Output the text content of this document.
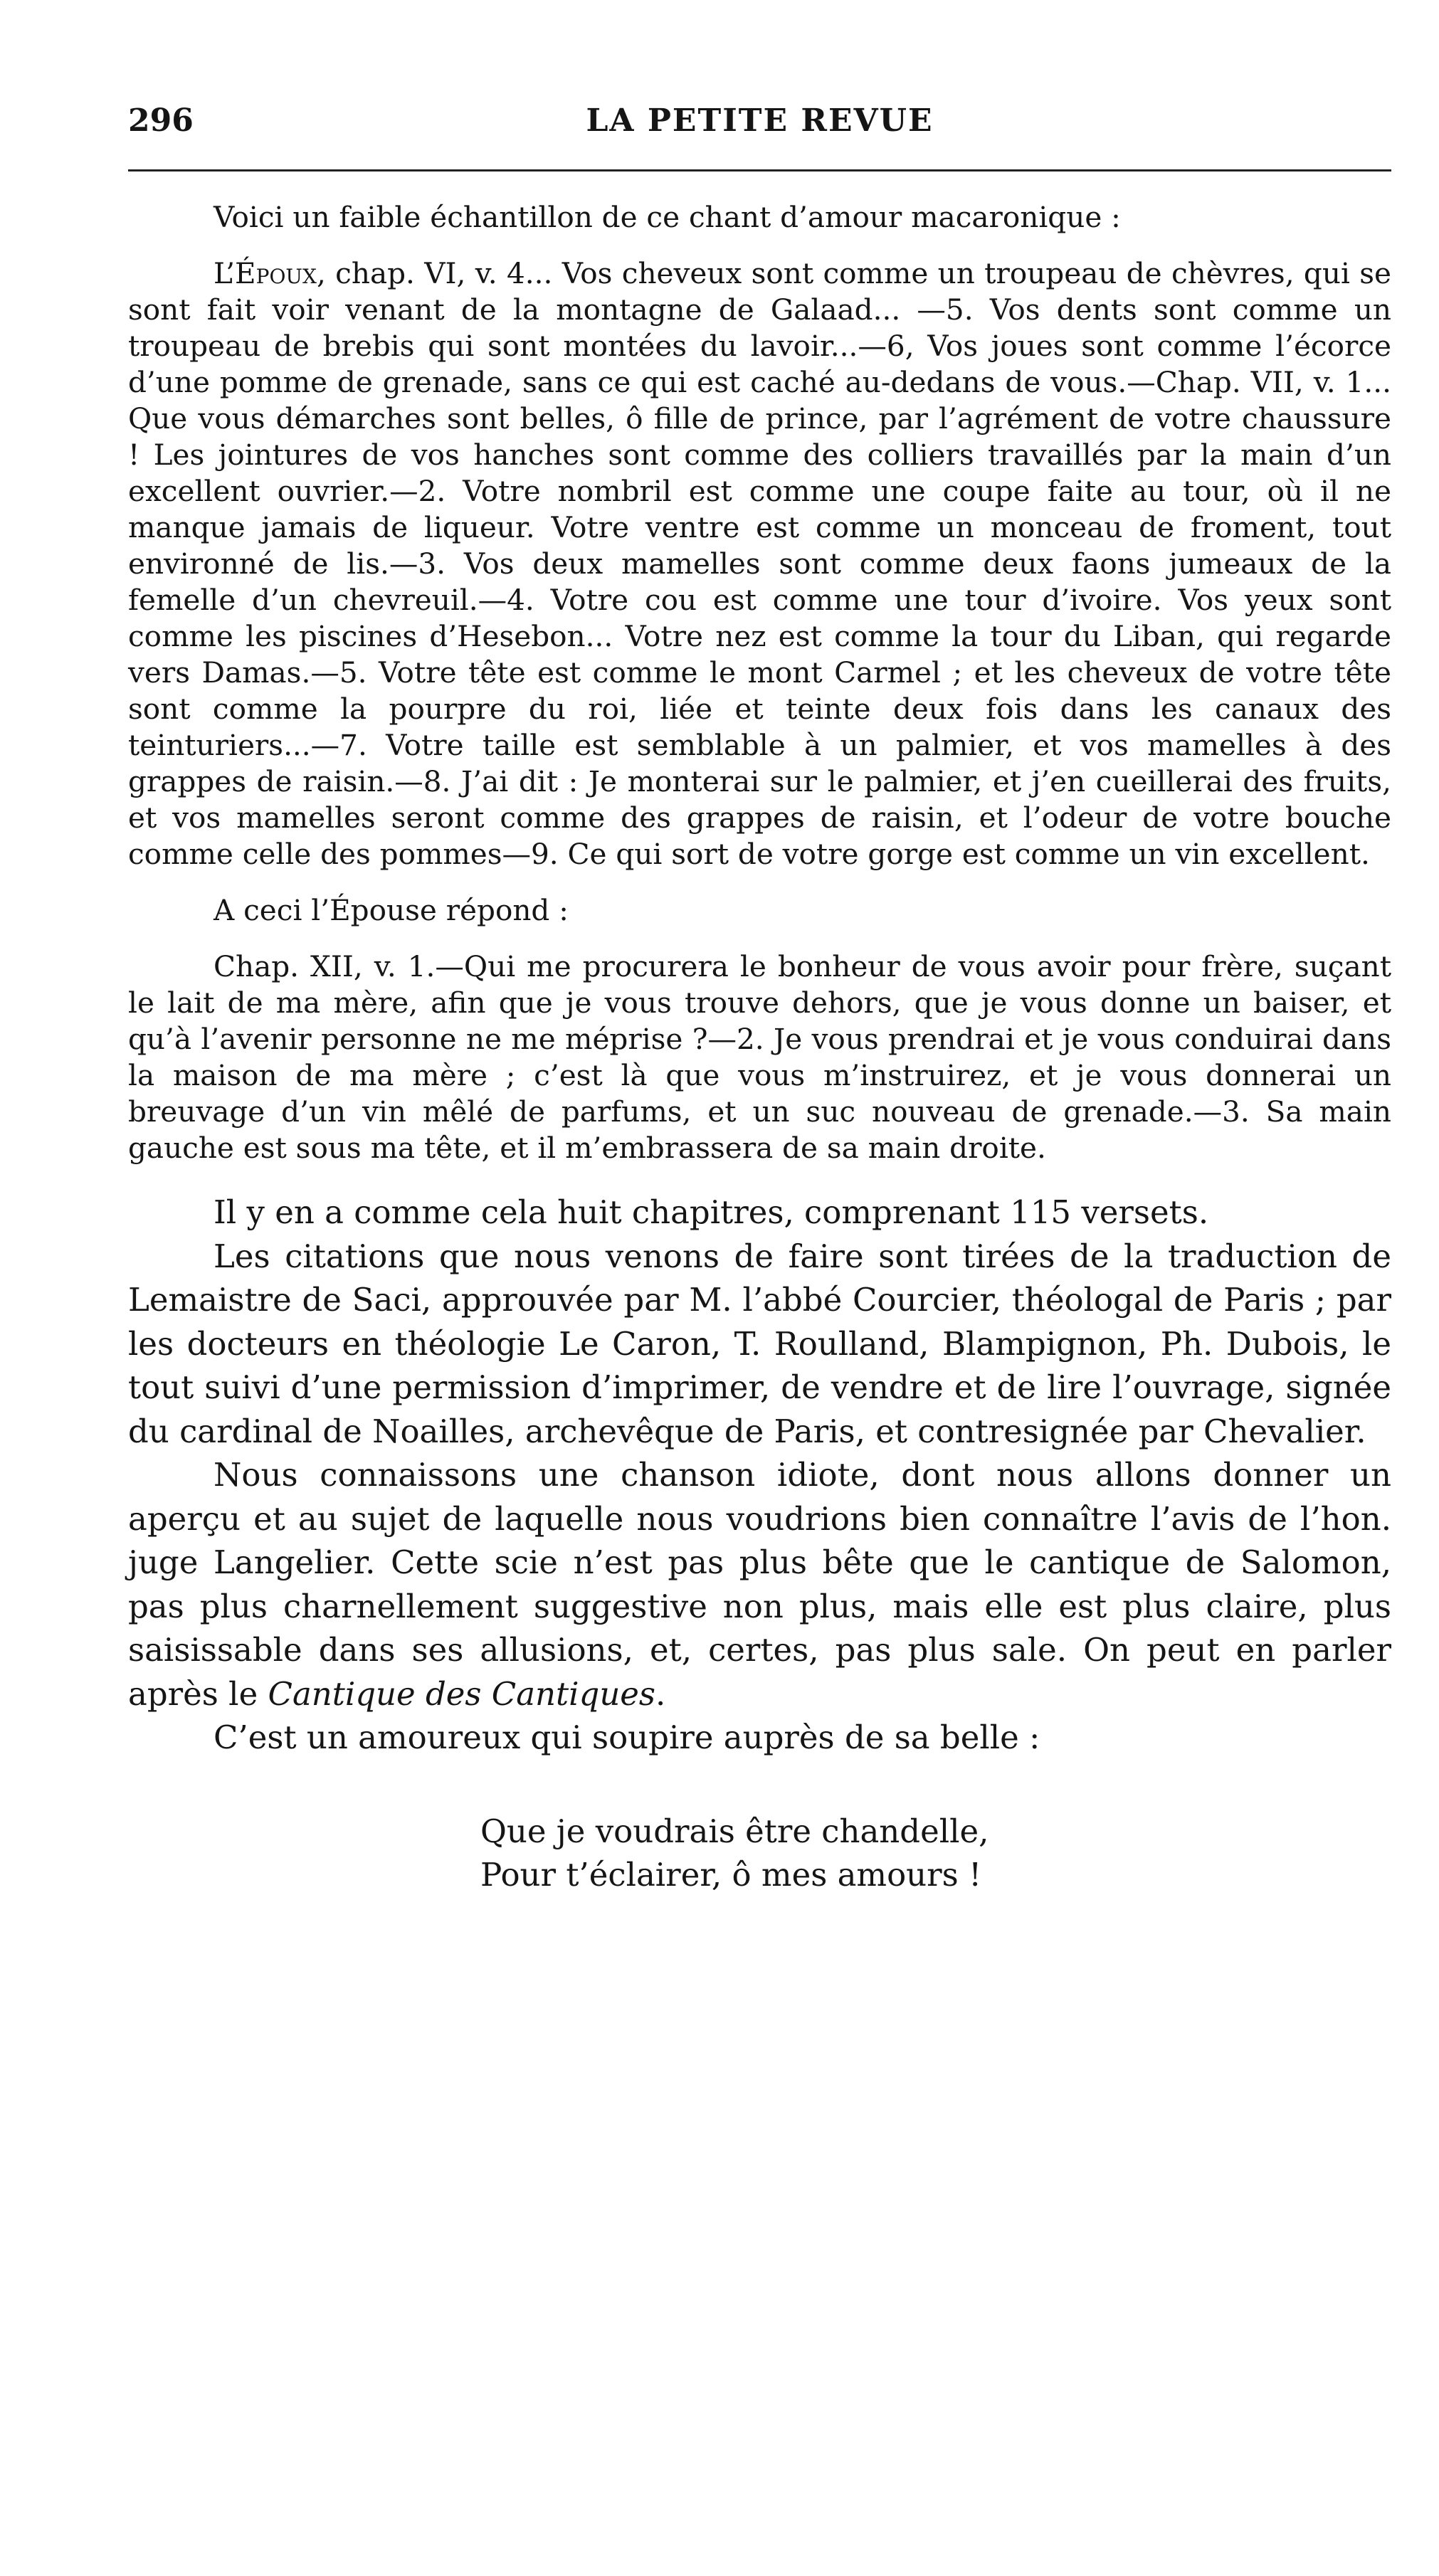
296	LA PETITE REVUE

Voici un faible échantillon de ce chant d’amour macaronique :

L’Époux, chap. VI, v. 4... Vos cheveux sont comme un troupeau de chèvres, qui se sont fait voir venant de la montagne de Galaad... —5. Vos dents sont comme un troupeau de brebis qui sont montées du lavoir...—6, Vos joues sont comme l’écorce d’une pomme de grenade, sans ce qui est caché au-dedans de vous.—Chap. VII, v. 1... Que vous démarches sont belles, ô fille de prince, par l’agrément de votre chaussure ! Les jointures de vos hanches sont comme des colliers travaillés par la main d’un excellent ouvrier.—2. Votre nombril est comme une coupe faite au tour, où il ne manque jamais de liqueur. Votre ventre est comme un monceau de froment, tout environné de lis.—3. Vos deux mamelles sont comme deux faons jumeaux de la femelle d’un chevreuil.—4. Votre cou est comme une tour d’ivoire. Vos yeux sont comme les piscines d’Hesebon... Votre nez est comme la tour du Liban, qui regarde vers Damas.—5. Votre tête est comme le mont Carmel ; et les cheveux de votre tête sont comme la pourpre du roi, liée et teinte deux fois dans les canaux des teinturiers...—7. Votre taille est semblable à un palmier, et vos mamelles à des grappes de raisin.—8. J’ai dit : Je monterai sur le palmier, et j’en cueillerai des fruits, et vos mamelles seront comme des grappes de raisin, et l’odeur de votre bouche comme celle des pommes—9. Ce qui sort de votre gorge est comme un vin excellent.

A ceci l’Épouse répond :

Chap. XII, v. 1.—Qui me procurera le bonheur de vous avoir pour frère, suçant le lait de ma mère, afin que je vous trouve dehors, que je vous donne un baiser, et qu’à l’avenir personne ne me méprise ?—2. Je vous prendrai et je vous conduirai dans la maison de ma mère ; c’est là que vous m’instruirez, et je vous donnerai un breuvage d’un vin mêlé de parfums, et un suc nouveau de grenade.—3. Sa main gauche est sous ma tête, et il m’embrassera de sa main droite.

Il y en a comme cela huit chapitres, comprenant 115 versets.

Les citations que nous venons de faire sont tirées de la traduction de Lemaistre de Saci, approuvée par M. l’abbé Courcier, théologal de Paris ; par les docteurs en théologie Le Caron, T. Roulland, Blampignon, Ph. Dubois, le tout suivi d’une permission d’imprimer, de vendre et de lire l’ouvrage, signée du cardinal de Noailles, archevêque de Paris, et contresignée par Chevalier.

Nous connaissons une chanson idiote, dont nous allons donner un aperçu et au sujet de laquelle nous voudrions bien connaître l’avis de l’hon. juge Langelier. Cette scie n’est pas plus bête que le cantique de Salomon, pas plus charnellement suggestive non plus, mais elle est plus claire, plus saisissable dans ses allusions, et, certes, pas plus sale. On peut en parler après le Cantique des Cantiques.

C’est un amoureux qui soupire auprès de sa belle :

Que je voudrais être chandelle,
Pour t’éclairer, ô mes amours !
